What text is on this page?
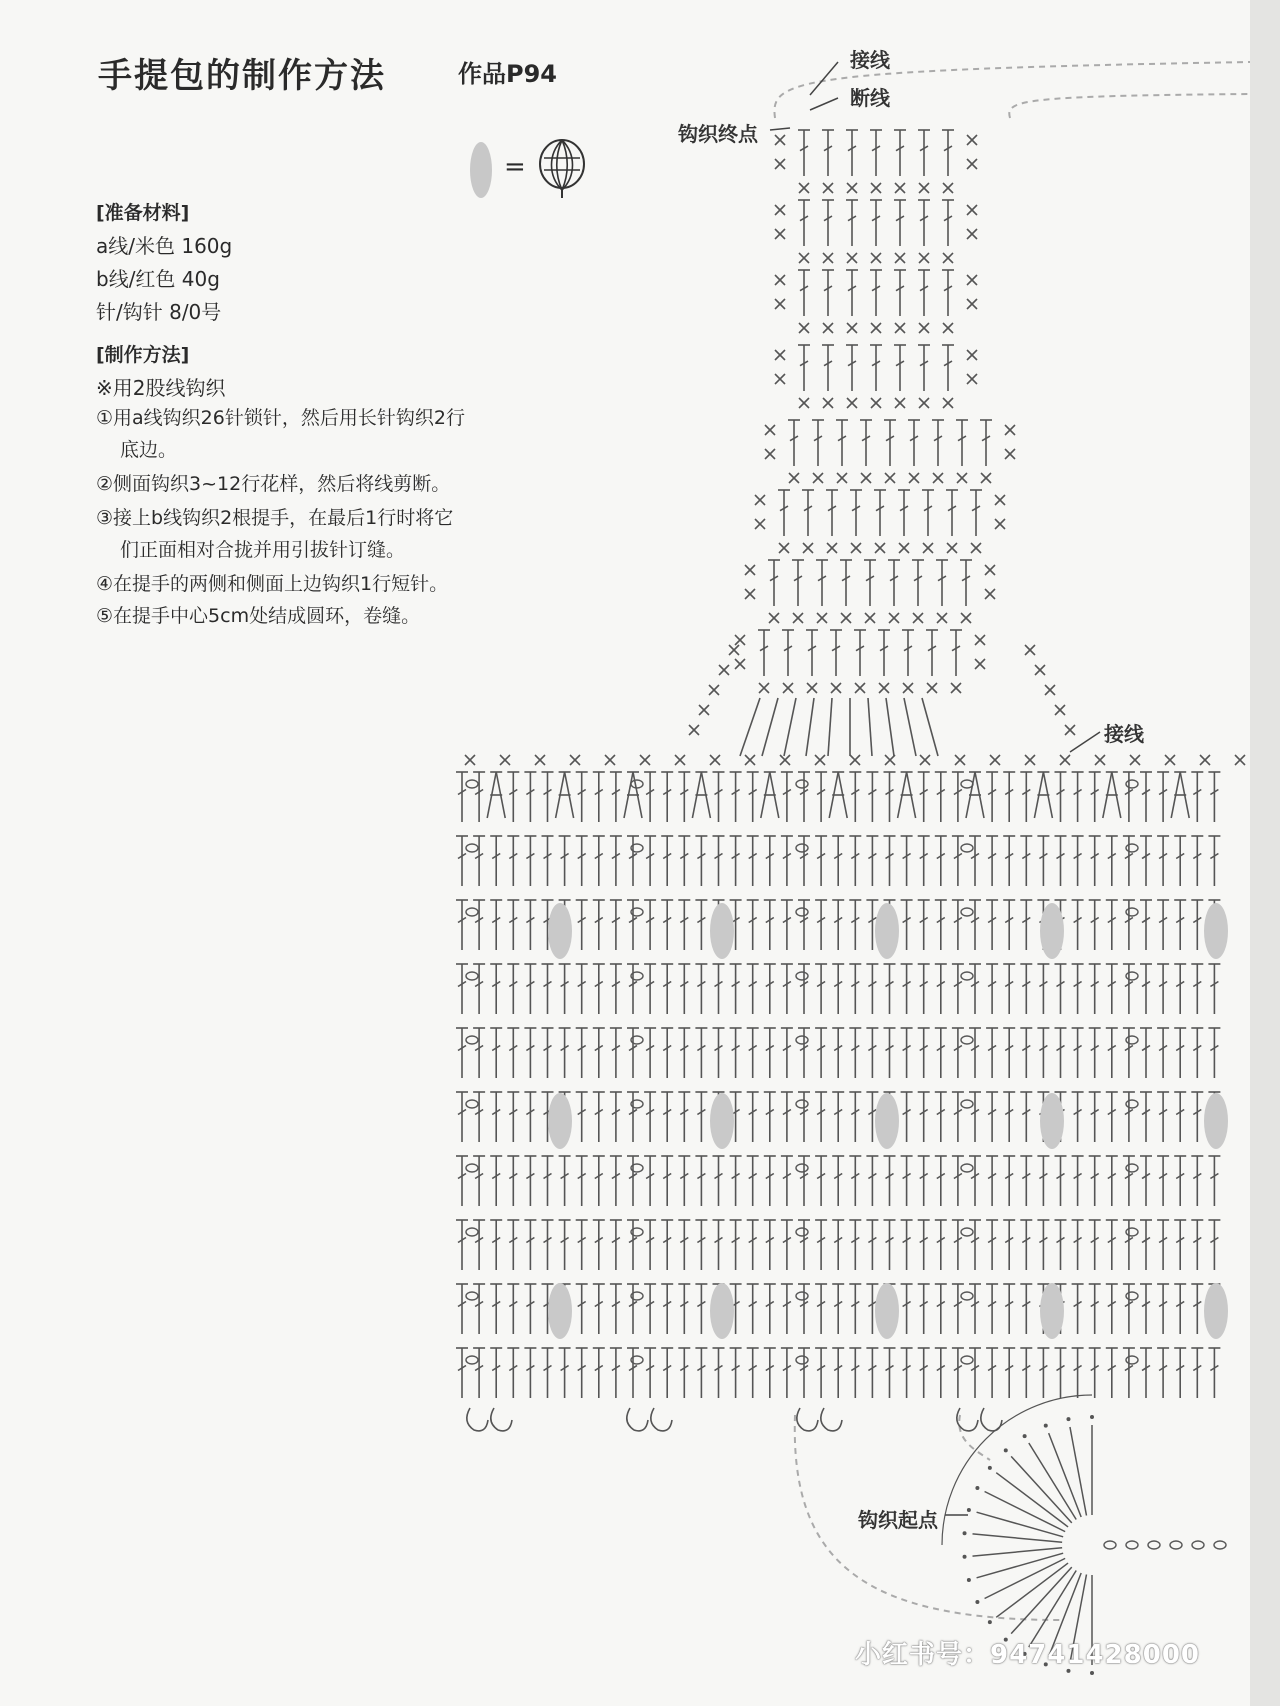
手提包的制作方法	作品P94
=
[准备材料]
a线/米色 160g
b线/红色 40g
针/钩针 8/0号
[制作方法]
※用2股线钩织
①用a线钩织26针锁针，然后用长针钩织2行
底边。
②侧面钩织3~12行花样，然后将线剪断。
③接上b线钩织2根提手，在最后1行时将它
们正面相对合拢并用引拔针订缝。
④在提手的两侧和侧面上边钩织1行短针。
⑤在提手中心5cm处结成圆环，卷缝。
接线
断线
钩织终点
接线
钩织起点
小红书号：94741428000
